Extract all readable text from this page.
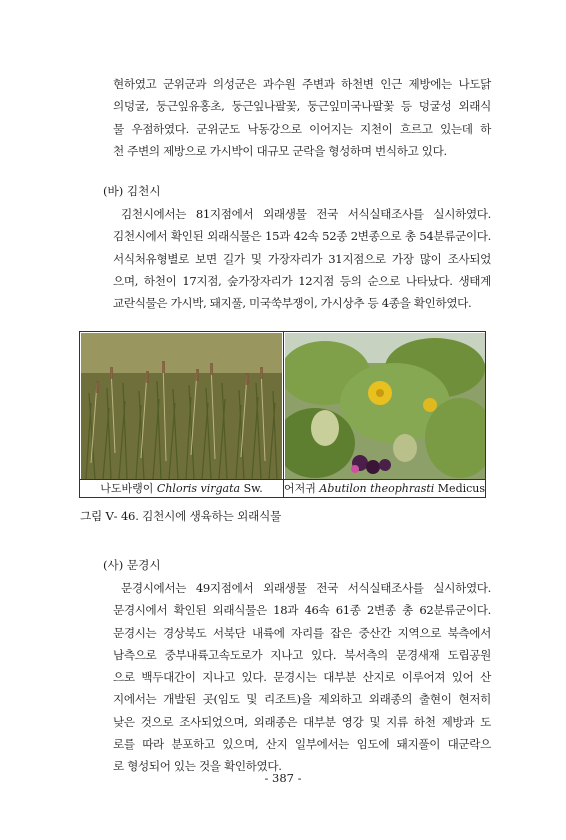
현하였고 군위군과 의성군은 과수원 주변과 하천변 인근 제방에는 나도닭
의덩굴, 둥근잎유홍초, 둥근잎나팔꽃, 둥근잎미국나팔꽃 등 덩굴성 외래식
물 우점하였다. 군위군도 낙동강으로 이어지는 지천이 흐르고 있는데 하
천 주변의 제방으로 가시박이 대규모 군락을 형성하며 번식하고 있다.
(바) 김천시
김천시에서는 81지점에서 외래생물 전국 서식실태조사를 실시하였다.
김천시에서 확인된 외래식물은 15과 42속 52종 2변종으로 총 54분류군이다.
서식처유형별로 보면 길가 및 가장자리가 31지점으로 가장 많이 조사되었
으며, 하천이 17지점, 숲가장자리가 12지점 등의 순으로 나타났다. 생태계
교란식물은 가시박, 돼지풀, 미국쑥부쟁이, 가시상추 등 4종을 확인하였다.
나도바랭이 Chloris virgata Sw.	어저귀 Abutilon theophrasti Medicus
그림 Ⅴ- 46. 김천시에 생육하는 외래식물
(사) 문경시
문경시에서는 49지점에서 외래생물 전국 서식실태조사를 실시하였다.
문경시에서 확인된 외래식물은 18과 46속 61종 2변종 총 62분류군이다.
문경시는 경상북도 서북단 내륙에 자리를 잡은 중산간 지역으로 북측에서
남측으로 중부내륙고속도로가 지나고 있다. 북서측의 문경새재 도립공원
으로 백두대간이 지나고 있다. 문경시는 대부분 산지로 이루어져 있어 산
지에서는 개발된 곳(임도 및 리조트)을 제외하고 외래종의 출현이 현저히
낮은 것으로 조사되었으며, 외래종은 대부분 영강 및 지류 하천 제방과 도
로를 따라 분포하고 있으며, 산지 일부에서는 임도에 돼지풀이 대군락으
로 형성되어 있는 것을 확인하였다.
- 387 -
